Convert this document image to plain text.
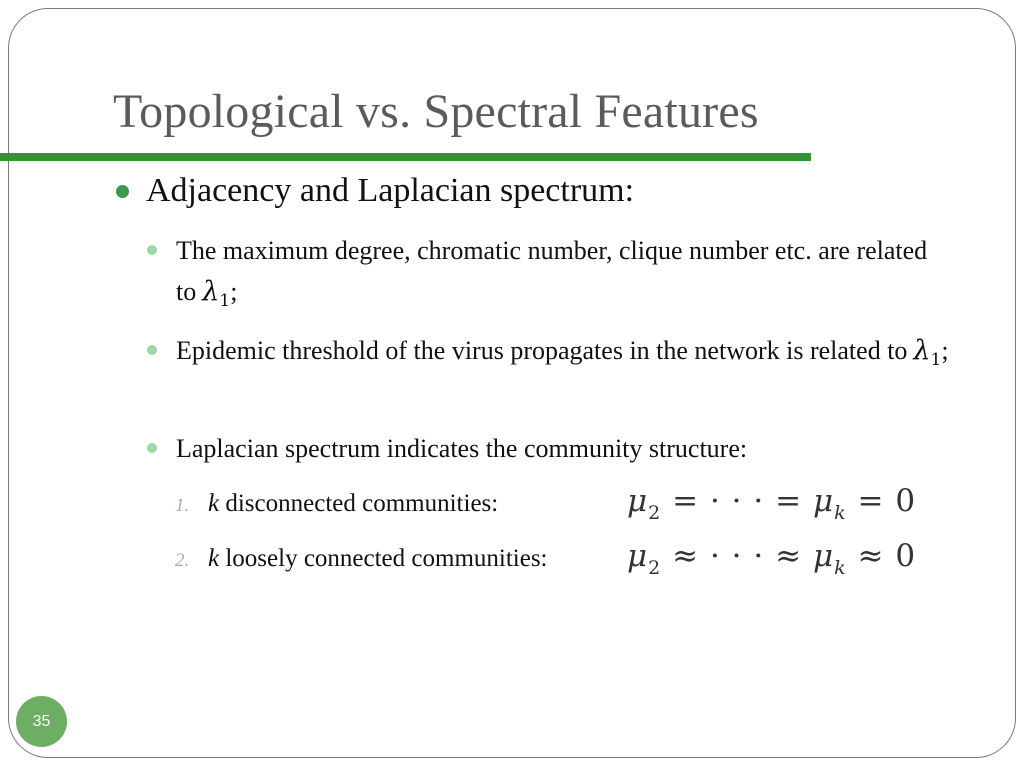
Topological vs. Spectral Features
Adjacency and Laplacian spectrum:
The maximum degree, chromatic number, clique number etc. are related to $\lambda_1$;
Epidemic threshold of the virus propagates in the network is related to $\lambda_1$;
Laplacian spectrum indicates the community structure:
1. k disconnected communities:	$\mu_2$ = · · · = $\mu_k = 0$
2. k loosely connected communities:	$\mu_2$ ≈ · · · ≈ $\mu_k \approx 0$
35
